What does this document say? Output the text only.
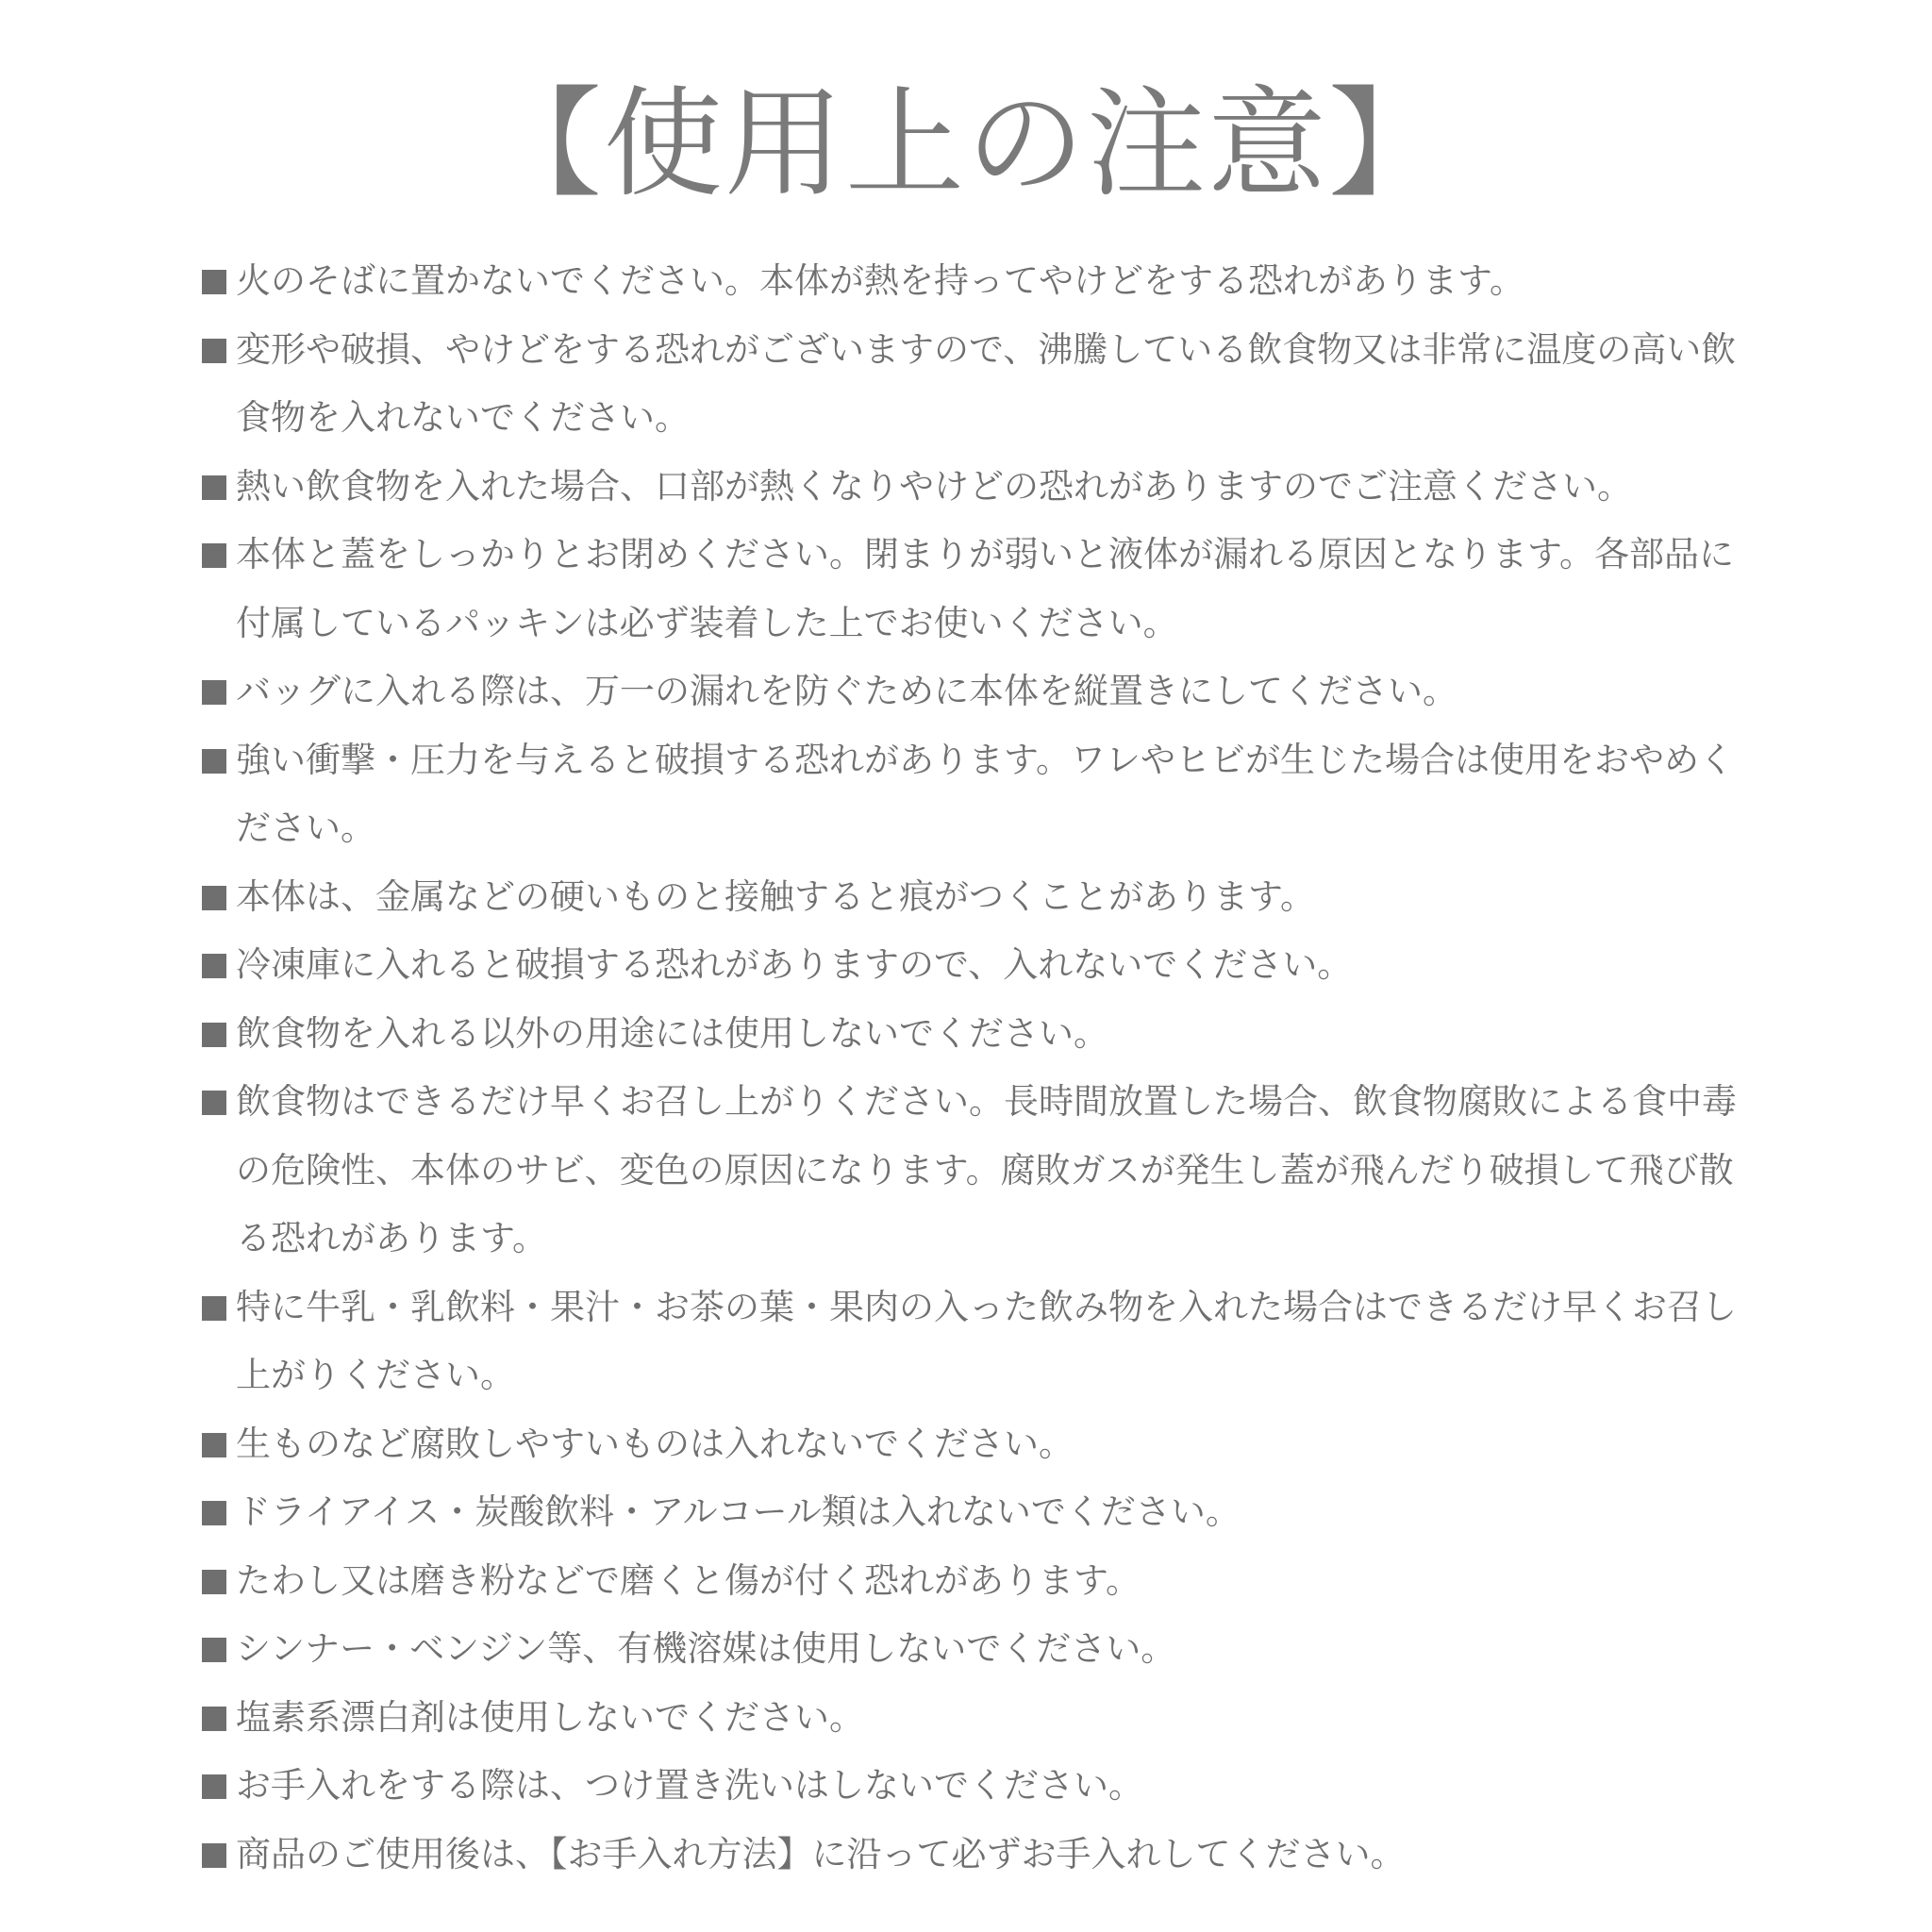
【使用上の注意】
火のそばに置かないでください。本体が熱を持ってやけどをする恐れがあります。
変形や破損、やけどをする恐れがございますので、沸騰している飲食物又は非常に温度の高い飲食物を入れないでください。
熱い飲食物を入れた場合、口部が熱くなりやけどの恐れがありますのでご注意ください。
本体と蓋をしっかりとお閉めください。閉まりが弱いと液体が漏れる原因となります。各部品に付属しているパッキンは必ず装着した上でお使いください。
バッグに入れる際は、万一の漏れを防ぐために本体を縦置きにしてください。
強い衝撃・圧力を与えると破損する恐れがあります。ワレやヒビが生じた場合は使用をおやめください。
本体は、金属などの硬いものと接触すると痕がつくことがあります。
冷凍庫に入れると破損する恐れがありますので、入れないでください。
飲食物を入れる以外の用途には使用しないでください。
飲食物はできるだけ早くお召し上がりください。長時間放置した場合、飲食物腐敗による食中毒の危険性、本体のサビ、変色の原因になります。腐敗ガスが発生し蓋が飛んだり破損して飛び散る恐れがあります。
特に牛乳・乳飲料・果汁・お茶の葉・果肉の入った飲み物を入れた場合はできるだけ早くお召し上がりください。
生ものなど腐敗しやすいものは入れないでください。
ドライアイス・炭酸飲料・アルコール類は入れないでください。
たわし又は磨き粉などで磨くと傷が付く恐れがあります。
シンナー・ベンジン等、有機溶媒は使用しないでください。
塩素系漂白剤は使用しないでください。
お手入れをする際は、つけ置き洗いはしないでください。
商品のご使用後は、【お手入れ方法】に沿って必ずお手入れしてください。
